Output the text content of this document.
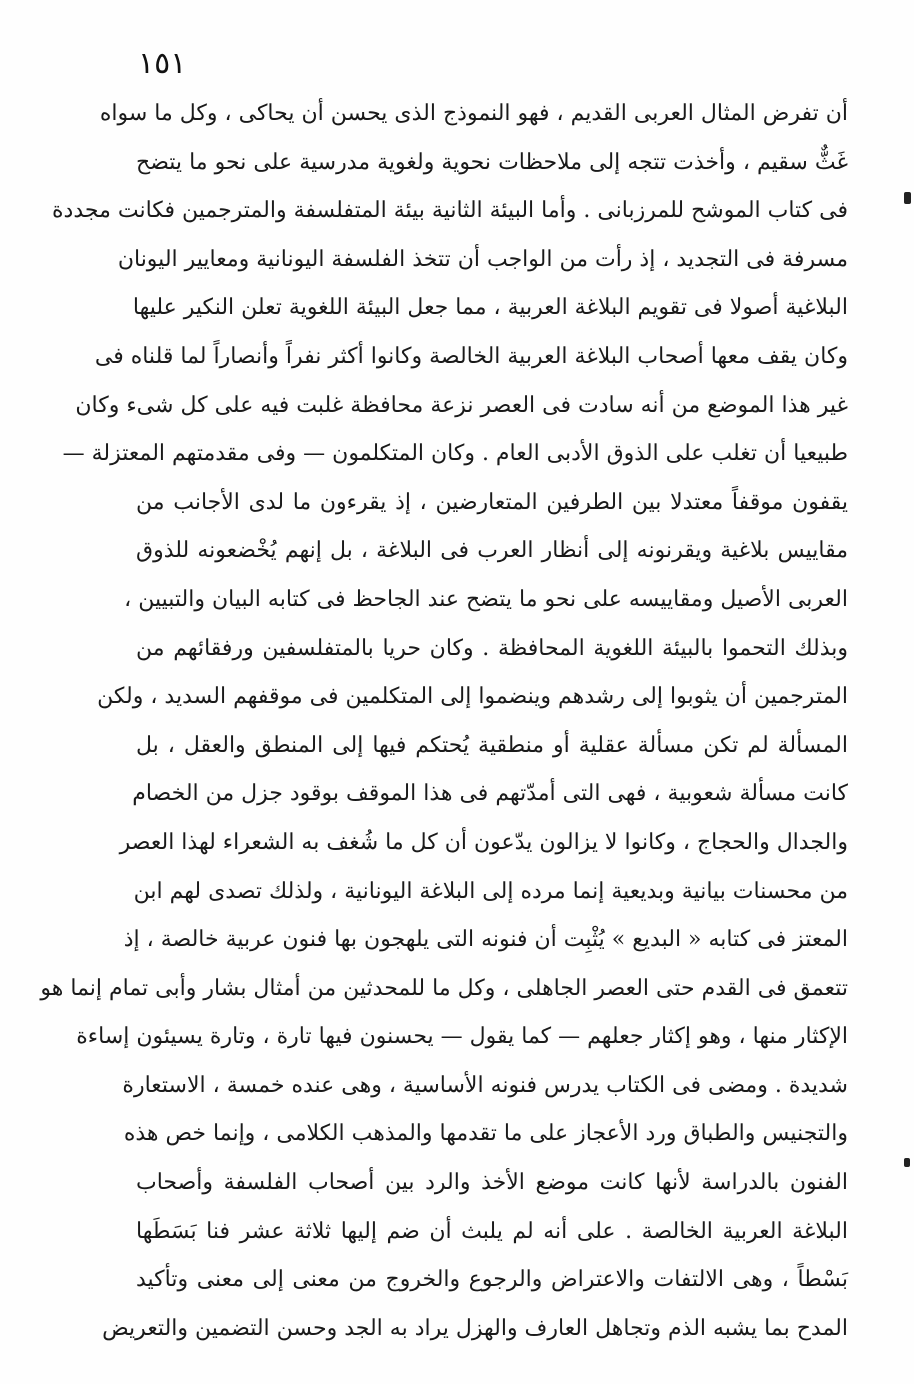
١٥١
أن تفرض المثال العربى القديم ، فهو النموذج الذى يحسن أن يحاكى ، وكل ما سواه
غَثٌّ سقيم ، وأخذت تتجه إلى ملاحظات نحوية ولغوية مدرسية على نحو ما يتضح
فى كتاب الموشح للمرزبانى . وأما البيئة الثانية بيئة المتفلسفة والمترجمين فكانت مجددة
مسرفة فى التجديد ، إذ رأت من الواجب أن تتخذ الفلسفة اليونانية ومعايير اليونان
البلاغية أصولا فى تقويم البلاغة العربية ، مما جعل البيئة اللغوية تعلن النكير عليها
وكان يقف معها أصحاب البلاغة العربية الخالصة وكانوا أكثر نفراً وأنصاراً لما قلناه فى
غير هذا الموضع من أنه سادت فى العصر نزعة محافظة غلبت فيه على كل شىء وكان
طبيعيا أن تغلب على الذوق الأدبى العام . وكان المتكلمون — وفى مقدمتهم المعتزلة —
يقفون موقفاً معتدلا بين الطرفين المتعارضين ، إذ يقرءون ما لدى الأجانب من
مقاييس بلاغية ويقرنونه إلى أنظار العرب فى البلاغة ، بل إنهم يُخْضعونه للذوق
العربى الأصيل ومقاييسه على نحو ما يتضح عند الجاحظ فى كتابه البيان والتبيين ،
وبذلك التحموا بالبيئة اللغوية المحافظة . وكان حريا بالمتفلسفين ورفقائهم من
المترجمين أن يثوبوا إلى رشدهم وينضموا إلى المتكلمين فى موقفهم السديد ، ولكن
المسألة لم تكن مسألة عقلية أو منطقية يُحتكم فيها إلى المنطق والعقل ، بل
كانت مسألة شعوبية ، فهى التى أمدّتهم فى هذا الموقف بوقود جزل من الخصام
والجدال والحجاج ، وكانوا لا يزالون يدّعون أن كل ما شُغف به الشعراء لهذا العصر
من محسنات بيانية وبديعية إنما مرده إلى البلاغة اليونانية ، ولذلك تصدى لهم ابن
المعتز فى كتابه « البديع » يُثْبِت أن فنونه التى يلهجون بها فنون عربية خالصة ، إذ
تتعمق فى القدم حتى العصر الجاهلى ، وكل ما للمحدثين من أمثال بشار وأبى تمام إنما هو
الإكثار منها ، وهو إكثار جعلهم — كما يقول — يحسنون فيها تارة ، وتارة يسيئون إساءة
شديدة . ومضى فى الكتاب يدرس فنونه الأساسية ، وهى عنده خمسة ، الاستعارة
والتجنيس والطباق ورد الأعجاز على ما تقدمها والمذهب الكلامى ، وإنما خص هذه
الفنون بالدراسة لأنها كانت موضع الأخذ والرد بين أصحاب الفلسفة وأصحاب
البلاغة العربية الخالصة . على أنه لم يلبث أن ضم إليها ثلاثة عشر فنا بَسَطَها
بَسْطاً ، وهى الالتفات والاعتراض والرجوع والخروج من معنى إلى معنى وتأكيد
المدح بما يشبه الذم وتجاهل العارف والهزل يراد به الجد وحسن التضمين والتعريض
